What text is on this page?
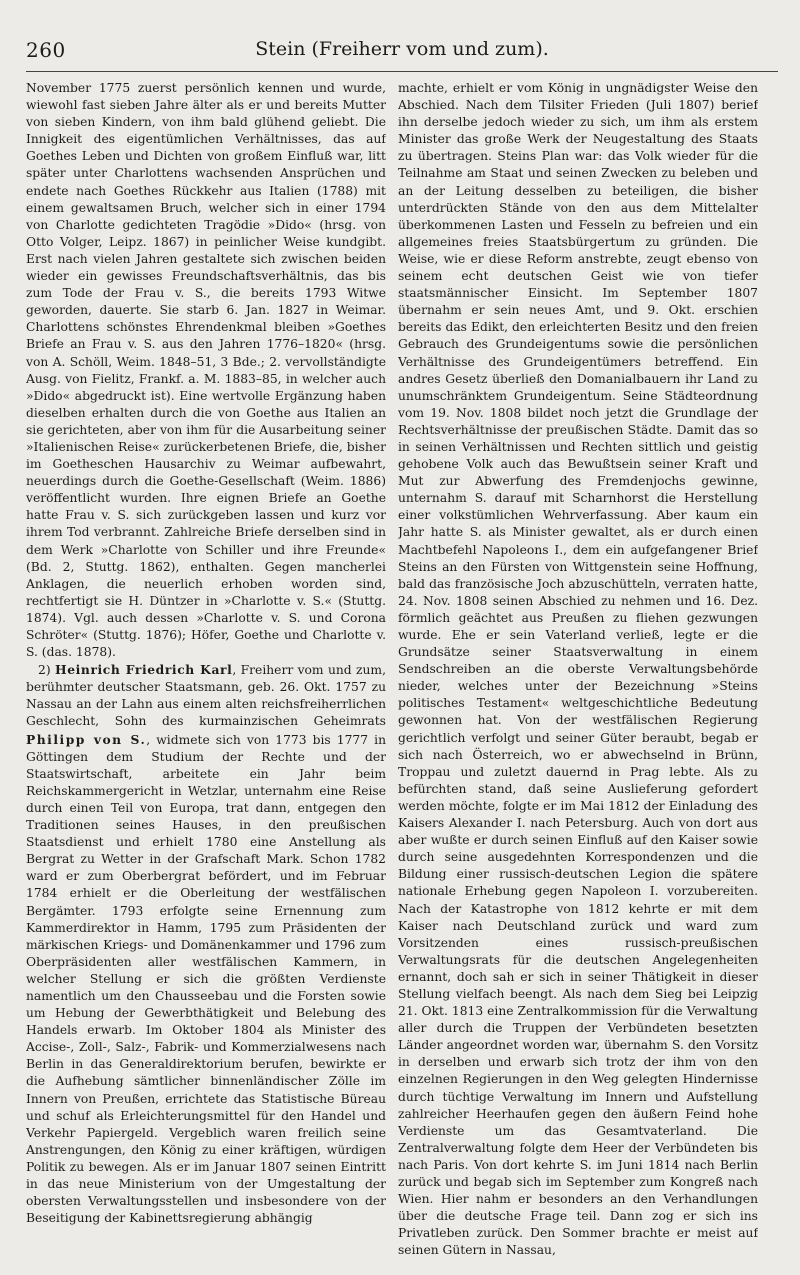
260	Stein (Freiherr vom und zum).

November 1775 zuerst persönlich kennen und wurde, wiewohl fast sieben Jahre älter als er und bereits Mutter von sieben Kindern, von ihm bald glühend geliebt. Die Innigkeit des eigentümlichen Verhältnisses, das auf Goethes Leben und Dichten von großem Einfluß war, litt später unter Charlottens wachsenden Ansprüchen und endete nach Goethes Rückkehr aus Italien (1788) mit einem gewaltsamen Bruch, welcher sich in einer 1794 von Charlotte gedichteten Tragödie »Dido« (hrsg. von Otto Volger, Leipz. 1867) in peinlicher Weise kundgibt. Erst nach vielen Jahren gestaltete sich zwischen beiden wieder ein gewisses Freundschaftsverhältnis, das bis zum Tode der Frau v. S., die bereits 1793 Witwe geworden, dauerte. Sie starb 6. Jan. 1827 in Weimar. Charlottens schönstes Ehrendenkmal bleiben »Goethes Briefe an Frau v. S. aus den Jahren 1776–1820« (hrsg. von A. Schöll, Weim. 1848–51, 3 Bde.; 2. vervollständigte Ausg. von Fielitz, Frankf. a. M. 1883–85, in welcher auch »Dido« abgedruckt ist). Eine wertvolle Ergänzung haben dieselben erhalten durch die von Goethe aus Italien an sie gerichteten, aber von ihm für die Ausarbeitung seiner »Italienischen Reise« zurückerbetenen Briefe, die, bisher im Goetheschen Hausarchiv zu Weimar aufbewahrt, neuerdings durch die Goethe-Gesellschaft (Weim. 1886) veröffentlicht wurden. Ihre eignen Briefe an Goethe hatte Frau v. S. sich zurückgeben lassen und kurz vor ihrem Tod verbrannt. Zahlreiche Briefe derselben sind in dem Werk »Charlotte von Schiller und ihre Freunde« (Bd. 2, Stuttg. 1862), enthalten. Gegen mancherlei Anklagen, die neuerlich erhoben worden sind, rechtfertigt sie H. Düntzer in »Charlotte v. S.« (Stuttg. 1874). Vgl. auch dessen »Charlotte v. S. und Corona Schröter« (Stuttg. 1876); Höfer, Goethe und Charlotte v. S. (das. 1878).

2) Heinrich Friedrich Karl, Freiherr vom und zum, berühmter deutscher Staatsmann, geb. 26. Okt. 1757 zu Nassau an der Lahn aus einem alten reichsfreiherrlichen Geschlecht, Sohn des kurmainzischen Geheimrats Philipp von S., widmete sich von 1773 bis 1777 in Göttingen dem Studium der Rechte und der Staatswirtschaft, arbeitete ein Jahr beim Reichskammergericht in Wetzlar, unternahm eine Reise durch einen Teil von Europa, trat dann, entgegen den Traditionen seines Hauses, in den preußischen Staatsdienst und erhielt 1780 eine Anstellung als Bergrat zu Wetter in der Grafschaft Mark. Schon 1782 ward er zum Oberbergrat befördert, und im Februar 1784 erhielt er die Oberleitung der westfälischen Bergämter. 1793 erfolgte seine Ernennung zum Kammerdirektor in Hamm, 1795 zum Präsidenten der märkischen Kriegs- und Domänenkammer und 1796 zum Oberpräsidenten aller westfälischen Kammern, in welcher Stellung er sich die größten Verdienste namentlich um den Chausseebau und die Forsten sowie um Hebung der Gewerbthätigkeit und Belebung des Handels erwarb. Im Oktober 1804 als Minister des Accise-, Zoll-, Salz-, Fabrik- und Kommerzialwesens nach Berlin in das Generaldirektorium berufen, bewirkte er die Aufhebung sämtlicher binnenländischer Zölle im Innern von Preußen, errichtete das Statistische Büreau und schuf als Erleichterungsmittel für den Handel und Verkehr Papiergeld. Vergeblich waren freilich seine Anstrengungen, den König zu einer kräftigen, würdigen Politik zu bewegen. Als er im Januar 1807 seinen Eintritt in das neue Ministerium von der Umgestaltung der obersten Verwaltungsstellen und insbesondere von der Beseitigung der Kabinettsregierung abhängig

machte, erhielt er vom König in ungnädigster Weise den Abschied. Nach dem Tilsiter Frieden (Juli 1807) berief ihn derselbe jedoch wieder zu sich, um ihm als erstem Minister das große Werk der Neugestaltung des Staats zu übertragen. Steins Plan war: das Volk wieder für die Teilnahme am Staat und seinen Zwecken zu beleben und an der Leitung desselben zu beteiligen, die bisher unterdrückten Stände von den aus dem Mittelalter überkommenen Lasten und Fesseln zu befreien und ein allgemeines freies Staatsbürgertum zu gründen. Die Weise, wie er diese Reform anstrebte, zeugt ebenso von seinem echt deutschen Geist wie von tiefer staatsmännischer Einsicht. Im September 1807 übernahm er sein neues Amt, und 9. Okt. erschien bereits das Edikt, den erleichterten Besitz und den freien Gebrauch des Grundeigentums sowie die persönlichen Verhältnisse des Grundeigentümers betreffend. Ein andres Gesetz überließ den Domanialbauern ihr Land zu unumschränktem Grundeigentum. Seine Städteordnung vom 19. Nov. 1808 bildet noch jetzt die Grundlage der Rechtsverhältnisse der preußischen Städte. Damit das so in seinen Verhältnissen und Rechten sittlich und geistig gehobene Volk auch das Bewußtsein seiner Kraft und Mut zur Abwerfung des Fremdenjochs gewinne, unternahm S. darauf mit Scharnhorst die Herstellung einer volkstümlichen Wehrverfassung. Aber kaum ein Jahr hatte S. als Minister gewaltet, als er durch einen Machtbefehl Napoleons I., dem ein aufgefangener Brief Steins an den Fürsten von Wittgenstein seine Hoffnung, bald das französische Joch abzuschütteln, verraten hatte, 24. Nov. 1808 seinen Abschied zu nehmen und 16. Dez. förmlich geächtet aus Preußen zu fliehen gezwungen wurde. Ehe er sein Vaterland verließ, legte er die Grundsätze seiner Staatsverwaltung in einem Sendschreiben an die oberste Verwaltungsbehörde nieder, welches unter der Bezeichnung »Steins politisches Testament« weltgeschichtliche Bedeutung gewonnen hat. Von der westfälischen Regierung gerichtlich verfolgt und seiner Güter beraubt, begab er sich nach Österreich, wo er abwechselnd in Brünn, Troppau und zuletzt dauernd in Prag lebte. Als zu befürchten stand, daß seine Auslieferung gefordert werden möchte, folgte er im Mai 1812 der Einladung des Kaisers Alexander I. nach Petersburg. Auch von dort aus aber wußte er durch seinen Einfluß auf den Kaiser sowie durch seine ausgedehnten Korrespondenzen und die Bildung einer russisch-deutschen Legion die spätere nationale Erhebung gegen Napoleon I. vorzubereiten. Nach der Katastrophe von 1812 kehrte er mit dem Kaiser nach Deutschland zurück und ward zum Vorsitzenden eines russisch-preußischen Verwaltungsrats für die deutschen Angelegenheiten ernannt, doch sah er sich in seiner Thätigkeit in dieser Stellung vielfach beengt. Als nach dem Sieg bei Leipzig 21. Okt. 1813 eine Zentralkommission für die Verwaltung aller durch die Truppen der Verbündeten besetzten Länder angeordnet worden war, übernahm S. den Vorsitz in derselben und erwarb sich trotz der ihm von den einzelnen Regierungen in den Weg gelegten Hindernisse durch tüchtige Verwaltung im Innern und Aufstellung zahlreicher Heerhaufen gegen den äußern Feind hohe Verdienste um das Gesamtvaterland. Die Zentralverwaltung folgte dem Heer der Verbündeten bis nach Paris. Von dort kehrte S. im Juni 1814 nach Berlin zurück und begab sich im September zum Kongreß nach Wien. Hier nahm er besonders an den Verhandlungen über die deutsche Frage teil. Dann zog er sich ins Privatleben zurück. Den Sommer brachte er meist auf seinen Gütern in Nassau,
